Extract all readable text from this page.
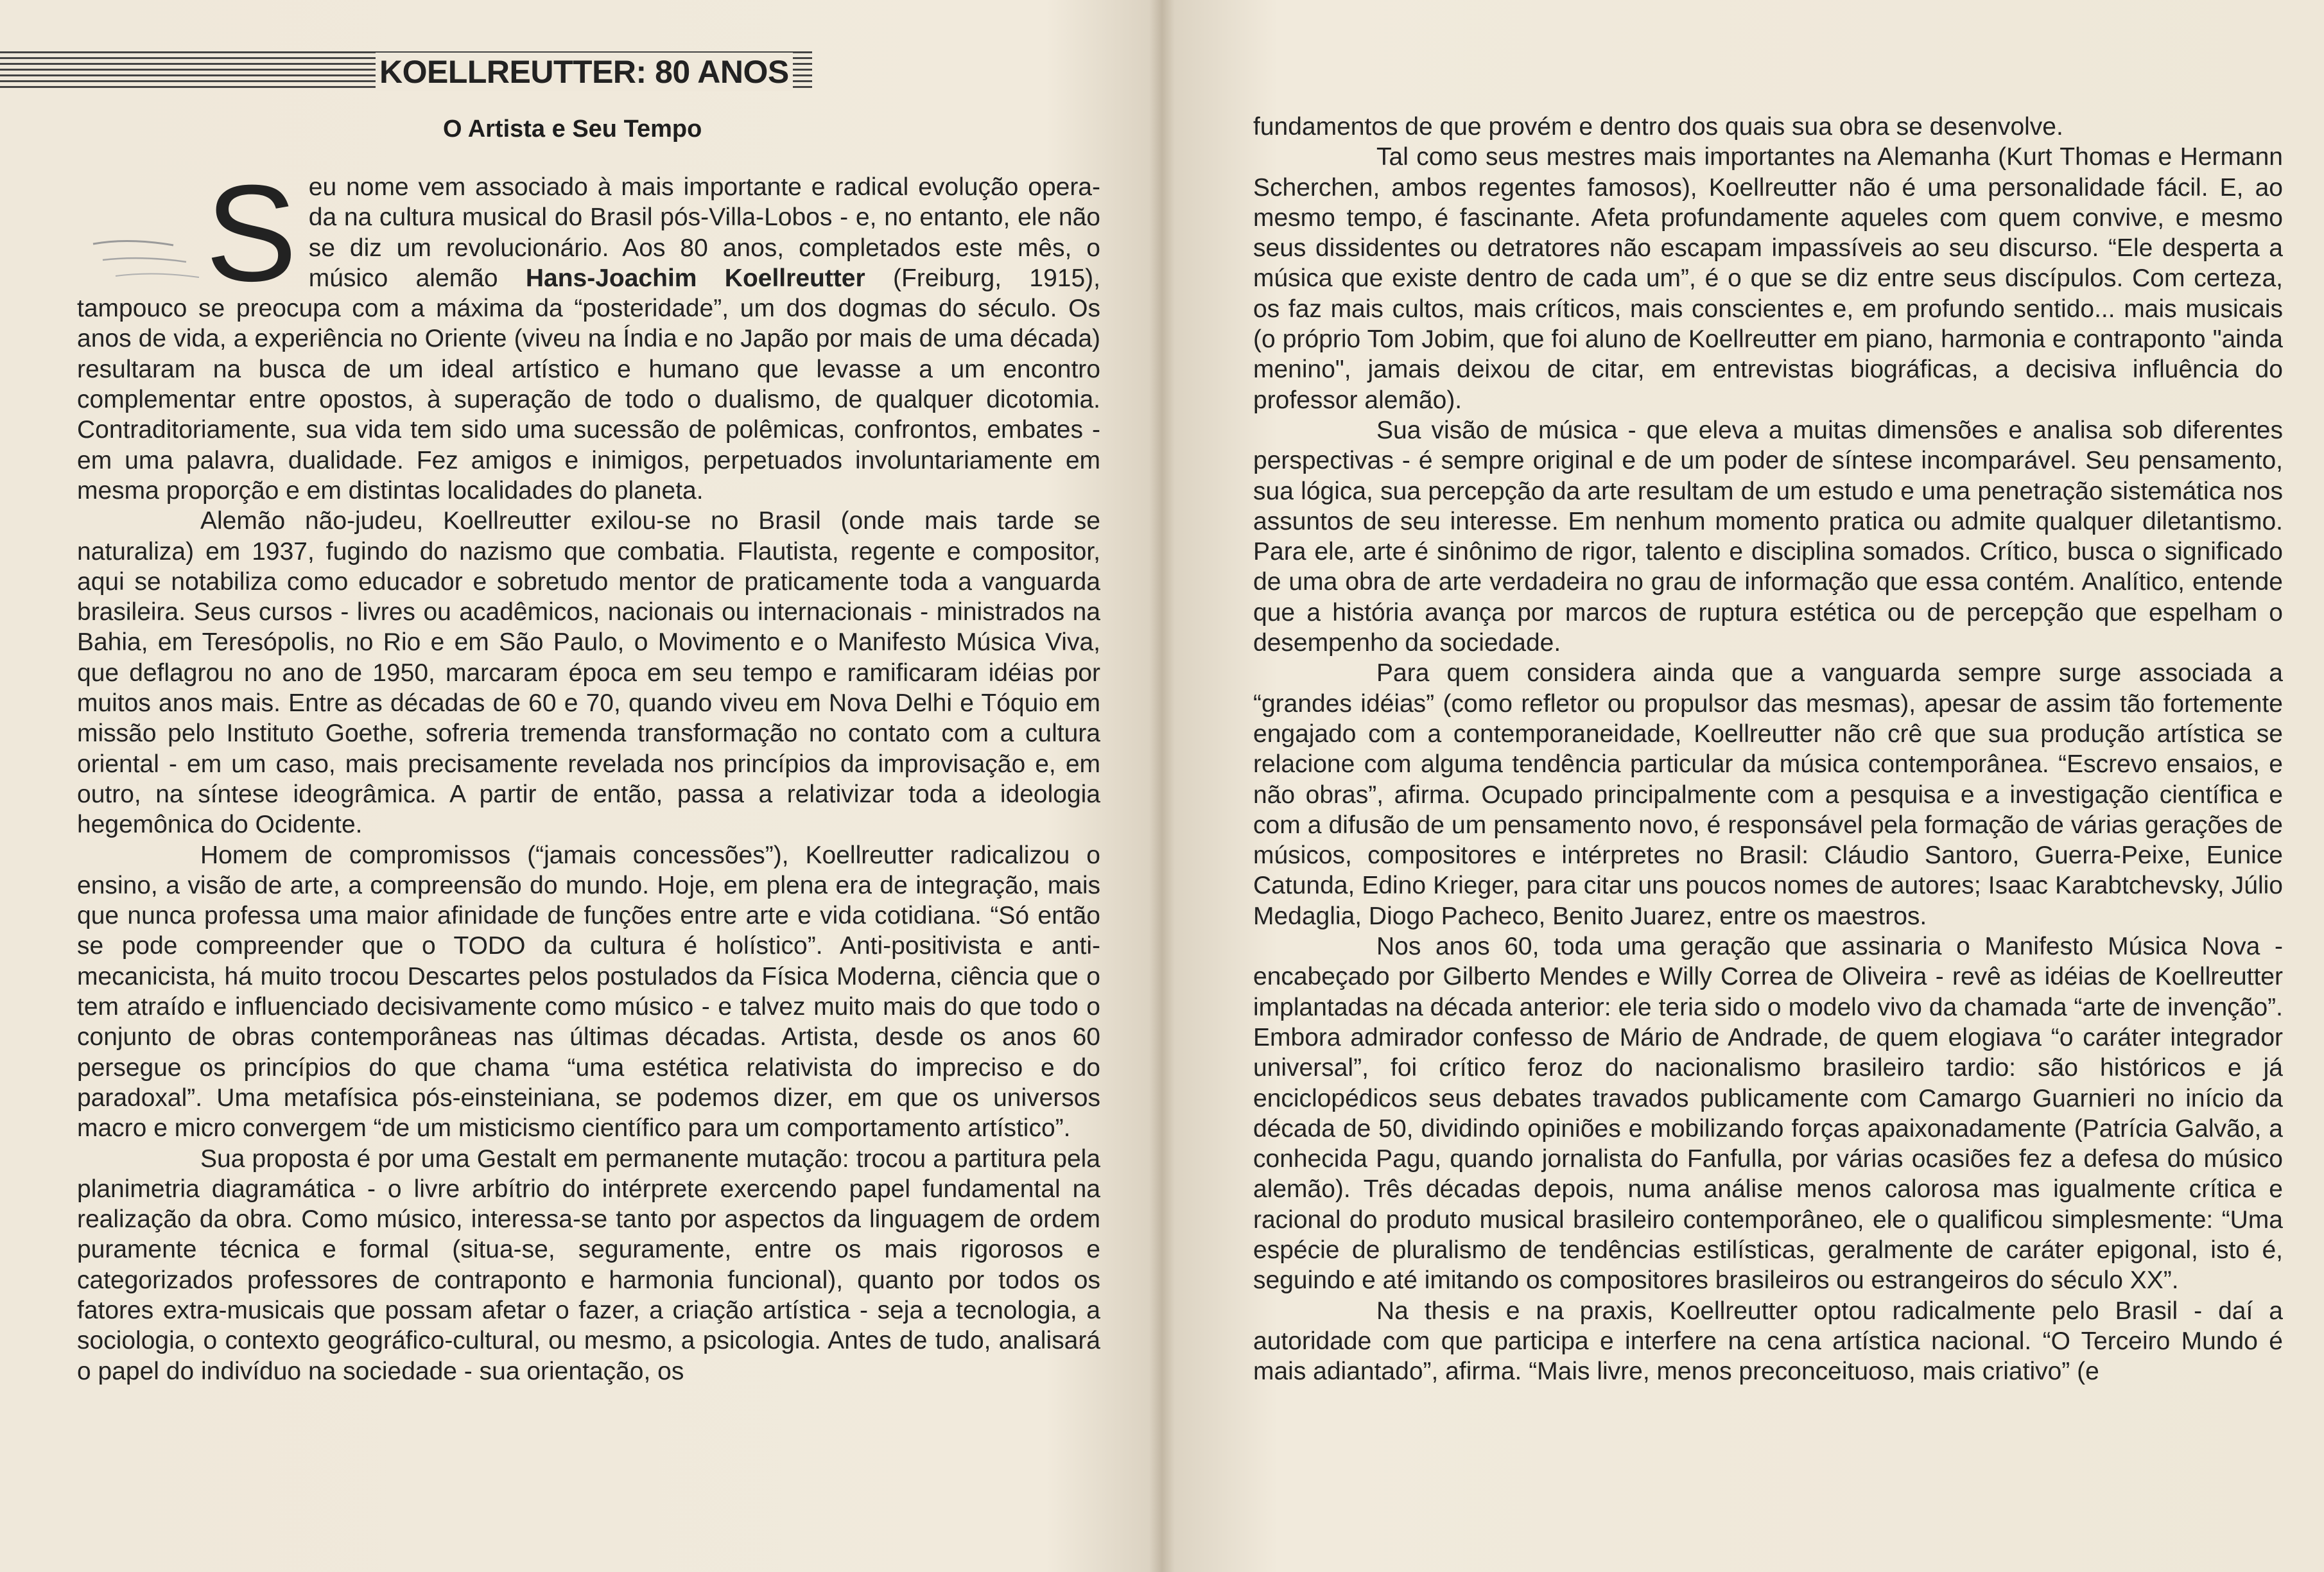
KOELLREUTTER: 80 ANOS
O Artista e Seu Tempo
S eu nome vem associado à mais importante e radical evolução opera-da na cultura musical do Brasil pós-Villa-Lobos - e, no entanto, ele não se diz um revolucionário. Aos 80 anos, completados este mês, o músico alemão Hans-Joachim Koellreutter (Freiburg, 1915), tampouco se preocupa com a máxima da “posteridade”, um dos dogmas do século. Os anos de vida, a experiência no Oriente (viveu na Índia e no Japão por mais de uma década) resultaram na busca de um ideal artístico e humano que levasse a um encontro complementar entre opostos, à superação de todo o dualismo, de qualquer dicotomia. Contraditoriamente, sua vida tem sido uma sucessão de polêmicas, confrontos, embates - em uma palavra, dualidade. Fez amigos e inimigos, perpetuados involuntariamente em mesma proporção e em distintas localidades do planeta.

Alemão não-judeu, Koellreutter exilou-se no Brasil (onde mais tarde se naturaliza) em 1937, fugindo do nazismo que combatia. Flautista, regente e compositor, aqui se notabiliza como educador e sobretudo mentor de praticamente toda a vanguarda brasileira. Seus cursos - livres ou acadêmicos, nacionais ou internacionais - ministrados na Bahia, em Teresópolis, no Rio e em São Paulo, o Movimento e o Manifesto Música Viva, que deflagrou no ano de 1950, marcaram época em seu tempo e ramificaram idéias por muitos anos mais. Entre as décadas de 60 e 70, quando viveu em Nova Delhi e Tóquio em missão pelo Instituto Goethe, sofreria tremenda transformação no contato com a cultura oriental - em um caso, mais precisamente revelada nos princípios da improvisação e, em outro, na síntese ideogrâmica. A partir de então, passa a relativizar toda a ideologia hegemônica do Ocidente.

Homem de compromissos (“jamais concessões”), Koellreutter radicalizou o ensino, a visão de arte, a compreensão do mundo. Hoje, em plena era de integração, mais que nunca professa uma maior afinidade de funções entre arte e vida cotidiana. “Só então se pode compreender que o TODO da cultura é holístico”. Anti-positivista e anti-mecanicista, há muito trocou Descartes pelos postulados da Física Moderna, ciência que o tem atraído e influenciado decisivamente como músico - e talvez muito mais do que todo o conjunto de obras contemporâneas nas últimas décadas. Artista, desde os anos 60 persegue os princípios do que chama “uma estética relativista do impreciso e do paradoxal”. Uma metafísica pós-einsteiniana, se podemos dizer, em que os universos macro e micro convergem “de um misticismo científico para um comportamento artístico”.

Sua proposta é por uma Gestalt em permanente mutação: trocou a partitura pela planimetria diagramática - o livre arbítrio do intérprete exercendo papel fundamental na realização da obra. Como músico, interessa-se tanto por aspectos da linguagem de ordem puramente técnica e formal (situa-se, seguramente, entre os mais rigorosos e categorizados professores de contraponto e harmonia funcional), quanto por todos os fatores extra-musicais que possam afetar o fazer, a criação artística - seja a tecnologia, a sociologia, o contexto geográfico-cultural, ou mesmo, a psicologia. Antes de tudo, analisará o papel do indivíduo na sociedade - sua orientação, os

fundamentos de que provém e dentro dos quais sua obra se desenvolve.

Tal como seus mestres mais importantes na Alemanha (Kurt Thomas e Hermann Scherchen, ambos regentes famosos), Koellreutter não é uma personalidade fácil. E, ao mesmo tempo, é fascinante. Afeta profundamente aqueles com quem convive, e mesmo seus dissidentes ou detratores não escapam impassíveis ao seu discurso. “Ele desperta a música que existe dentro de cada um”, é o que se diz entre seus discípulos. Com certeza, os faz mais cultos, mais críticos, mais conscientes e, em profundo sentido... mais musicais (o próprio Tom Jobim, que foi aluno de Koellreutter em piano, harmonia e contraponto "ainda menino", jamais deixou de citar, em entrevistas biográficas, a decisiva influência do professor alemão).

Sua visão de música - que eleva a muitas dimensões e analisa sob diferentes perspectivas - é sempre original e de um poder de síntese incomparável. Seu pensamento, sua lógica, sua percepção da arte resultam de um estudo e uma penetração sistemática nos assuntos de seu interesse. Em nenhum momento pratica ou admite qualquer diletantismo. Para ele, arte é sinônimo de rigor, talento e disciplina somados. Crítico, busca o significado de uma obra de arte verdadeira no grau de informação que essa contém. Analítico, entende que a história avança por marcos de ruptura estética ou de percepção que espelham o desempenho da sociedade.

Para quem considera ainda que a vanguarda sempre surge associada a “grandes idéias” (como refletor ou propulsor das mesmas), apesar de assim tão fortemente engajado com a contemporaneidade, Koellreutter não crê que sua produção artística se relacione com alguma tendência particular da música contemporânea. “Escrevo ensaios, e não obras”, afirma. Ocupado principalmente com a pesquisa e a investigação científica e com a difusão de um pensamento novo, é responsável pela formação de várias gerações de músicos, compositores e intérpretes no Brasil: Cláudio Santoro, Guerra-Peixe, Eunice Catunda, Edino Krieger, para citar uns poucos nomes de autores; Isaac Karabtchevsky, Júlio Medaglia, Diogo Pacheco, Benito Juarez, entre os maestros.

Nos anos 60, toda uma geração que assinaria o Manifesto Música Nova - encabeçado por Gilberto Mendes e Willy Correa de Oliveira - revê as idéias de Koellreutter implantadas na década anterior: ele teria sido o modelo vivo da chamada “arte de invenção”. Embora admirador confesso de Mário de Andrade, de quem elogiava “o caráter integrador universal”, foi crítico feroz do nacionalismo brasileiro tardio: são históricos e já enciclopédicos seus debates travados publicamente com Camargo Guarnieri no início da década de 50, dividindo opiniões e mobilizando forças apaixonadamente (Patrícia Galvão, a conhecida Pagu, quando jornalista do Fanfulla, por várias ocasiões fez a defesa do músico alemão). Três décadas depois, numa análise menos calorosa mas igualmente crítica e racional do produto musical brasileiro contemporâneo, ele o qualificou simplesmente: “Uma espécie de pluralismo de tendências estilísticas, geralmente de caráter epigonal, isto é, seguindo e até imitando os compositores brasileiros ou estrangeiros do século XX”.

Na thesis e na praxis, Koellreutter optou radicalmente pelo Brasil - daí a autoridade com que participa e interfere na cena artística nacional. “O Terceiro Mundo é mais adiantado”, afirma. “Mais livre, menos preconceituoso, mais criativo” (e
